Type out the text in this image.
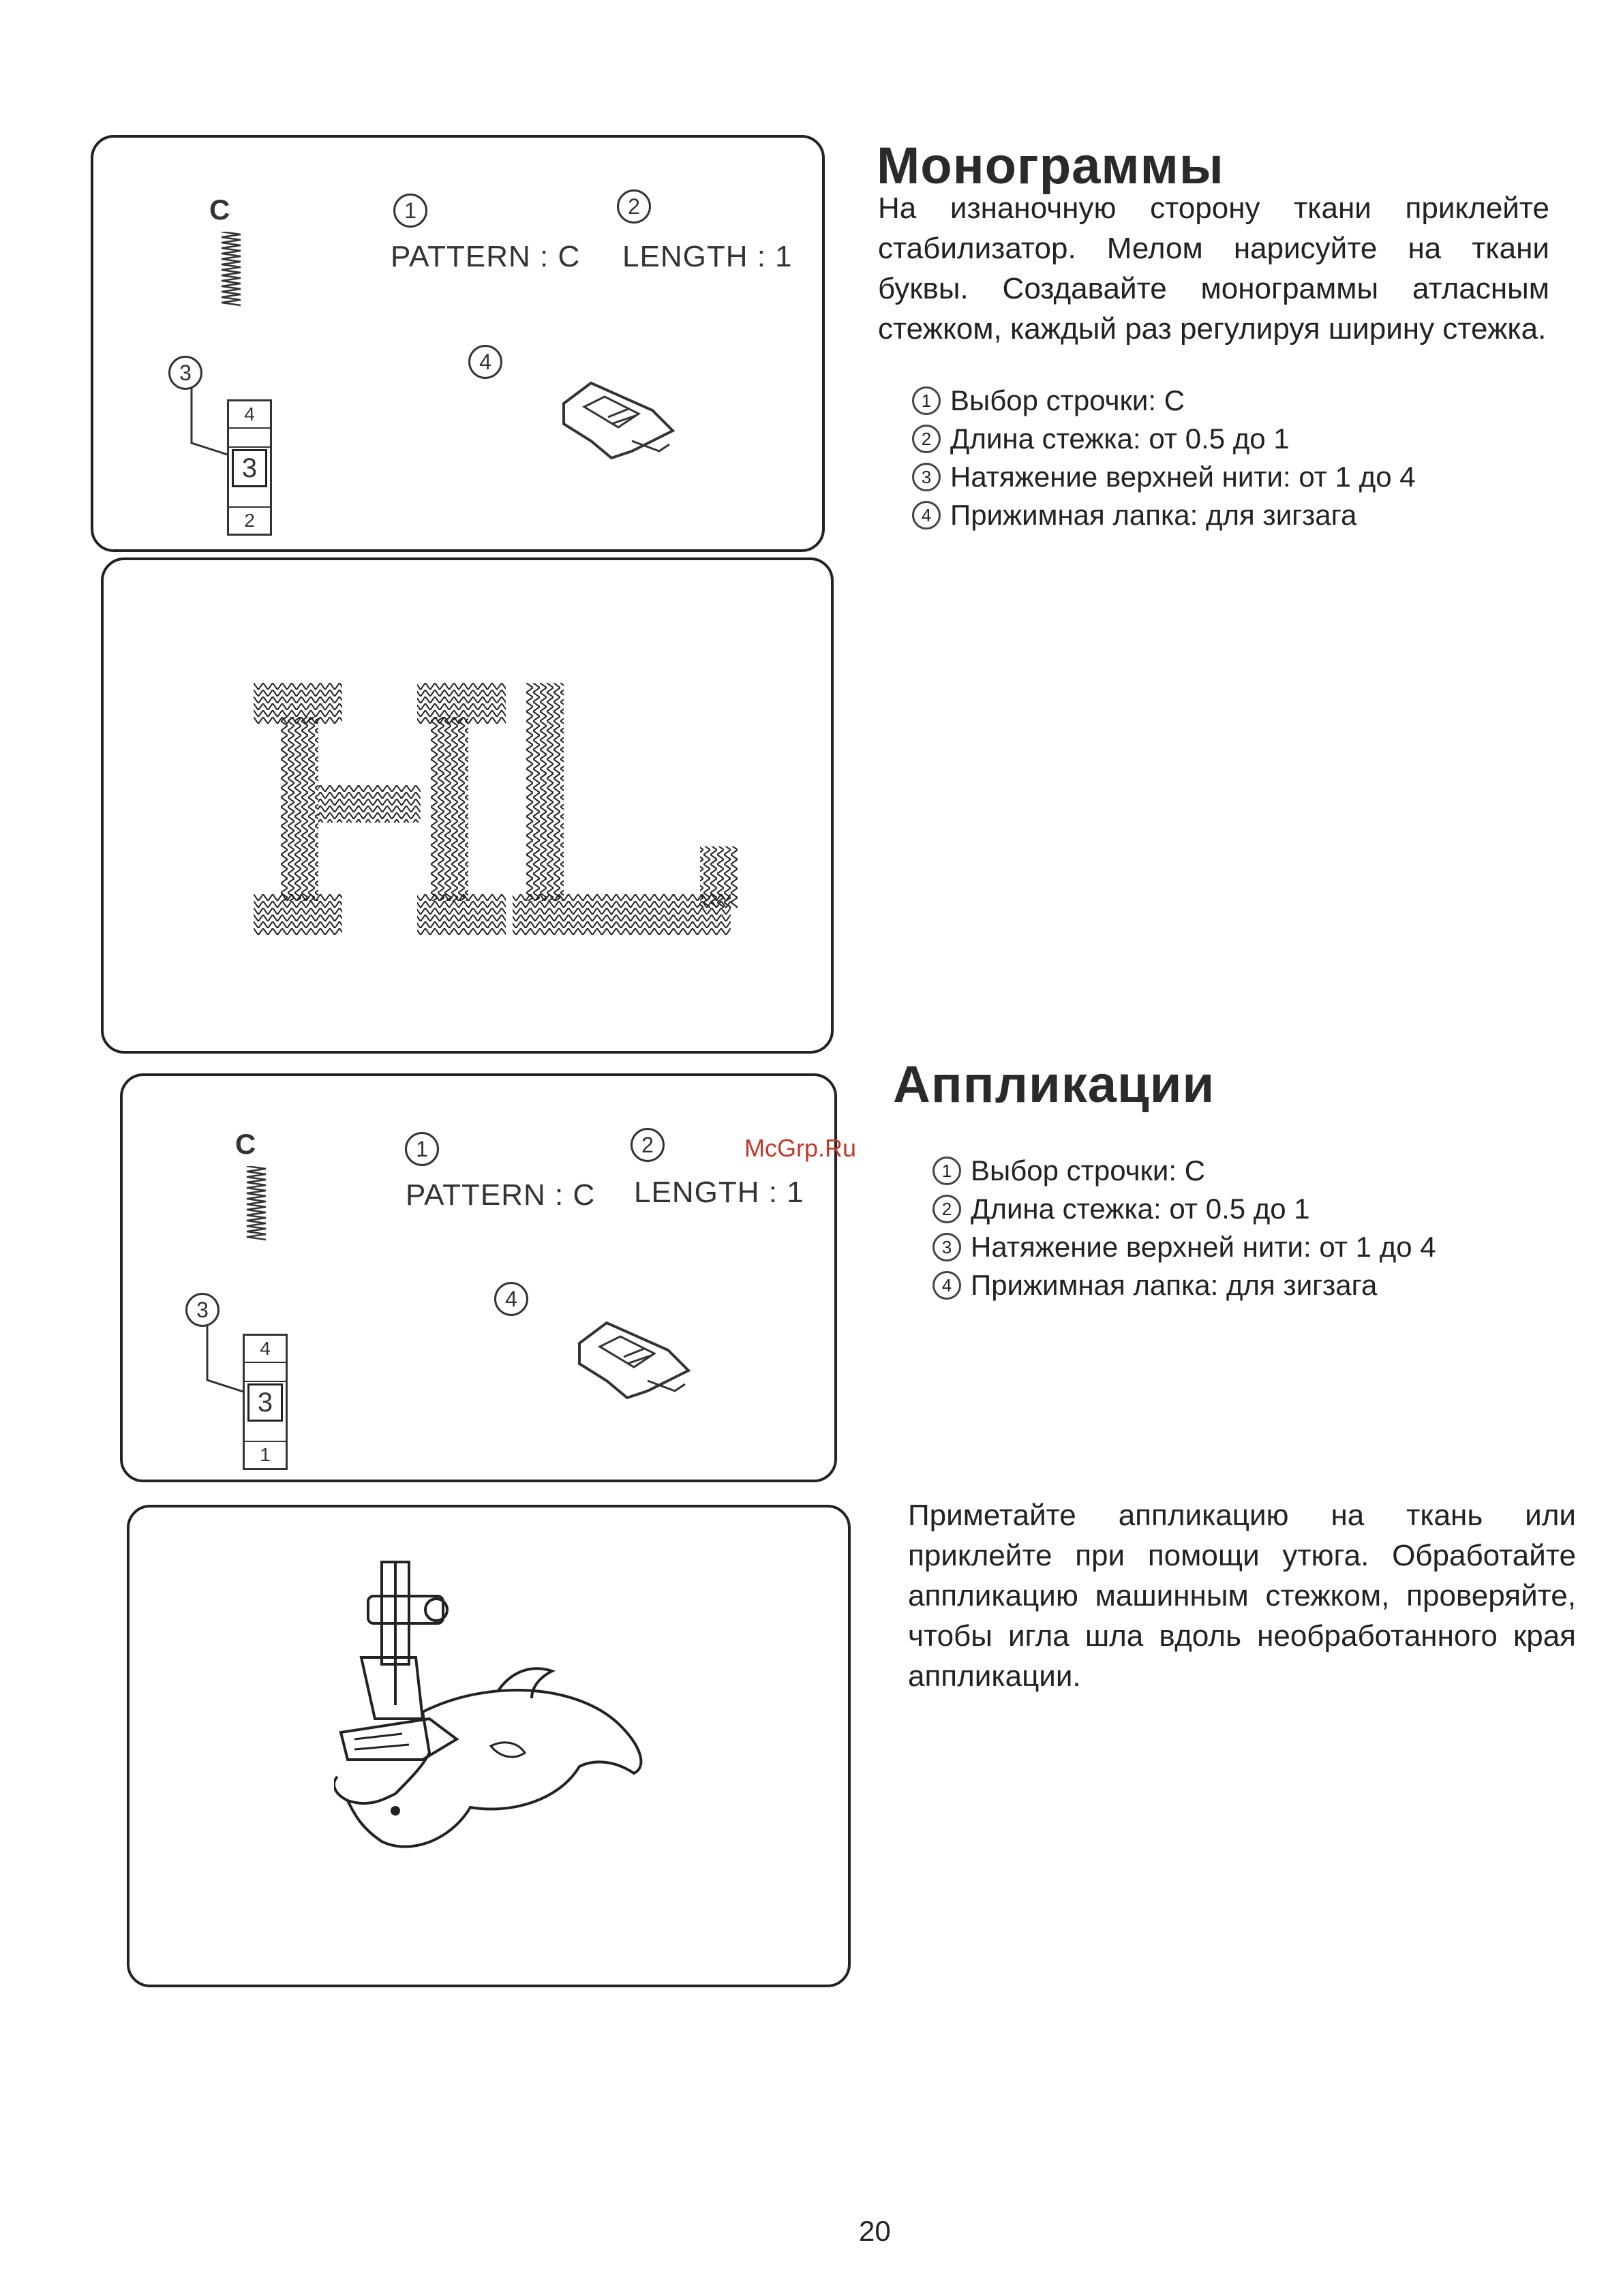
C	1	2
PATTERN : C LENGTH : 1
3
4
3
2
4
C	1	2
PATTERN : C LENGTH : 1
3
4
3
1
4
Монограммы
На изнаночную сторону ткани приклейте стабилизатор. Мелом нарисуйте на ткани буквы. Создавайте монограммы атласным стежком, каждый раз регулируя ширину стежка.
1 Выбор строчки: С
2 Длина стежка: от 0.5 до 1
3 Натяжение верхней нити: от 1 до 4
4 Прижимная лапка: для зигзага
Аппликации
McGrp.Ru
1 Выбор строчки: С
2 Длина стежка: от 0.5 до 1
3 Натяжение верхней нити: от 1 до 4
4 Прижимная лапка: для зигзага
Приметайте аппликацию на ткань или приклейте при помощи утюга. Обработайте аппликацию машинным стежком, проверяйте, чтобы игла шла вдоль необработанного края аппликации.
20
